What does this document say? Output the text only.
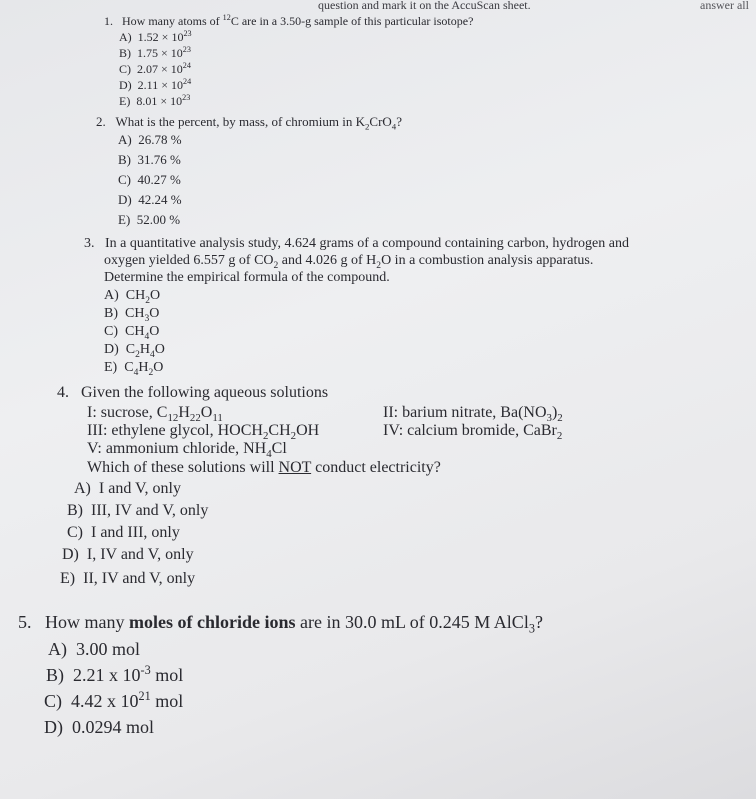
question and mark it on the AccuScan sheet.	answer all
1. How many atoms of $^{12}$C are in a 3.50-g sample of this particular isotope?
A) $1.52 \times 10^{23}$
B) $1.75 \times 10^{23}$
C) $2.07 \times 10^{24}$
D) $2.11 \times 10^{24}$
E) $8.01 \times 10^{23}$
2. What is the percent, by mass, of chromium in $K_2CrO_4$?
A) 26.78 %
B) 31.76 %
C) 40.27 %
D) 42.24 %
E) 52.00 %
3. In a quantitative analysis study, 4.624 grams of a compound containing carbon, hydrogen and
oxygen yielded 6.557 g of $CO_2$ and 4.026 g of $H_2O$ in a combustion analysis apparatus.
Determine the empirical formula of the compound.
A) $CH_2O$
B) $CH_3O$
C) $CH_4O$
D) $C_2H_4O$
E) $C_4H_2O$
4. Given the following aqueous solutions
I: sucrose, $C_{12}H_{22}O_{11}$	II: barium nitrate, $Ba(NO_3)_2$
III: ethylene glycol, $HOCH_2CH_2OH$	IV: calcium bromide, CaBr$_2$
V: ammonium chloride, $NH_4Cl$
Which of these solutions will NOT conduct electricity?
A) I and V, only
B) III, IV and V, only
C) I and III, only
D) I, IV and V, only
E) II, IV and V, only
5. How many moles of chloride ions are in 30.0 mL of 0.245 M AlCl$_3$?
A) 3.00 mol
B) 2.21 x $10^{-3}$ mol
C) 4.42 x $10^{21}$ mol
D) 0.0294 mol
